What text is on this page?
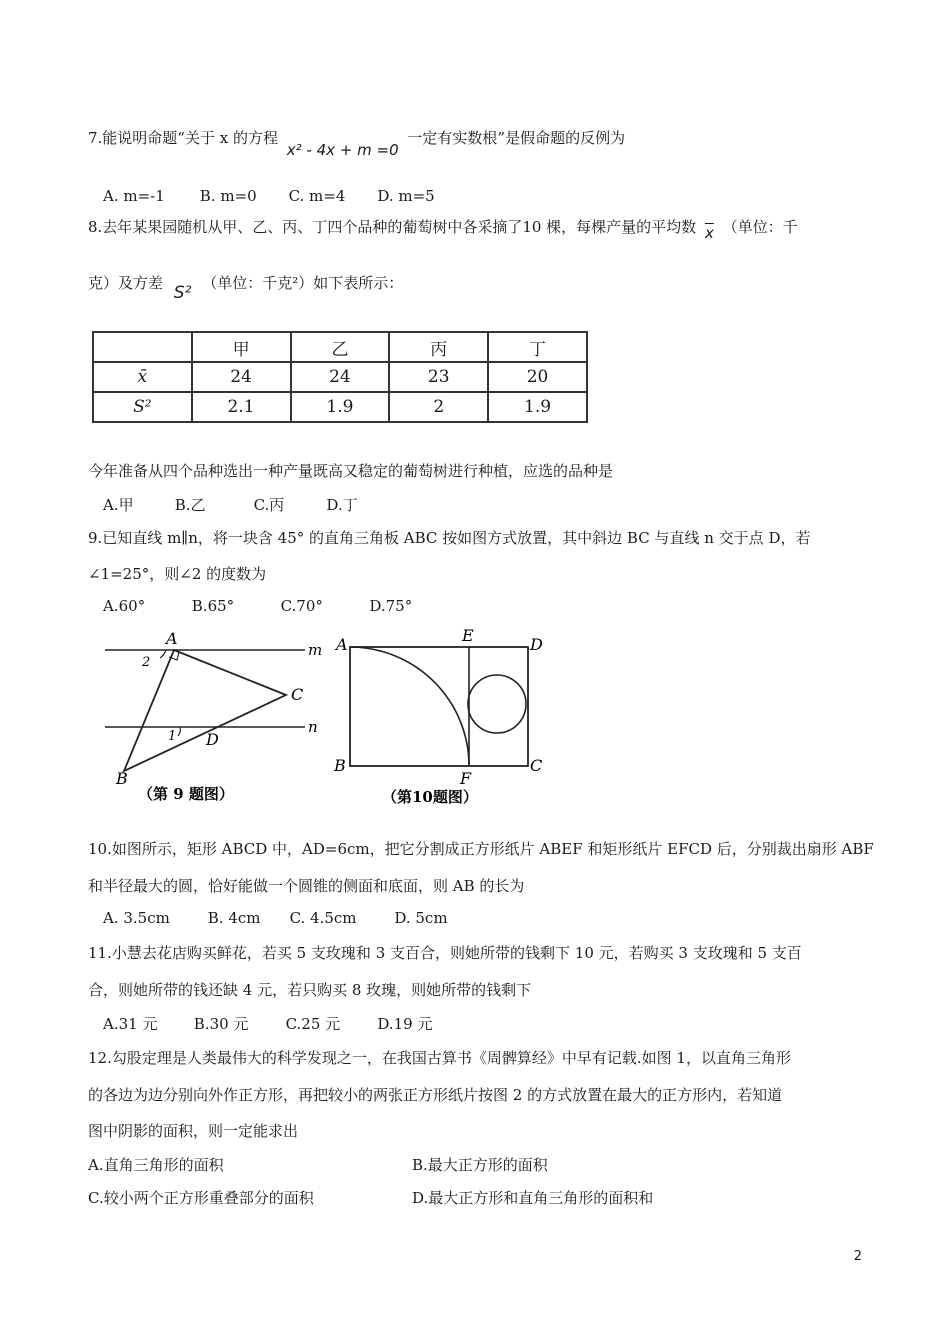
7.能说明命题“关于 x 的方程 x² - 4x + m =0 一定有实数根”是假命题的反例为
A. m=-1 B. m=0 C. m=4 D. m=5
8.去年某果园随机从甲、乙、丙、丁四个品种的葡萄树中各采摘了10 棵，每棵产量的平均数 $\overline{x}$ （单位：千
克）及方差 S² （单位：千克²）如下表所示：
	甲	乙	丙	丁
x̄	24	24	23	20
S²	2.1	1.9	2	1.9
今年准备从四个品种选出一种产量既高又稳定的葡萄树进行种植，应选的品种是
A.甲	B.乙	C.丙	D.丁
9.已知直线 m∥n，将一块含 45° 的直角三角板 ABC 按如图方式放置，其中斜边 BC 与直线 n 交于点 D，若
∠1=25°，则∠2 的度数为
A.60°	B.65°	C.70°	D.75°
A
m
2
C
1 D
n
B
（第 9 题图）
A	E	D
B
F
C
（第10题图）
10.如图所示，矩形 ABCD 中，AD=6cm，把它分割成正方形纸片 ABEF 和矩形纸片 EFCD 后，分别裁出扇形 ABF
和半径最大的圆，恰好能做一个圆锥的侧面和底面，则 AB 的长为
A. 3.5cm	B. 4cm C. 4.5cm	D. 5cm
11.小慧去花店购买鲜花，若买 5 支玫瑰和 3 支百合，则她所带的钱剩下 10 元，若购买 3 支玫瑰和 5 支百
合，则她所带的钱还缺 4 元，若只购买 8 玫瑰，则她所带的钱剩下
A.31 元 B.30 元 C.25 元 D.19 元
12.勾股定理是人类最伟大的科学发现之一，在我国古算书《周髀算经》中早有记载.如图 1，以直角三角形
的各边为边分别向外作正方形，再把较小的两张正方形纸片按图 2 的方式放置在最大的正方形内，若知道
图中阴影的面积，则一定能求出
A.直角三角形的面积	B.最大正方形的面积
C.较小两个正方形重叠部分的面积	D.最大正方形和直角三角形的面积和
2
